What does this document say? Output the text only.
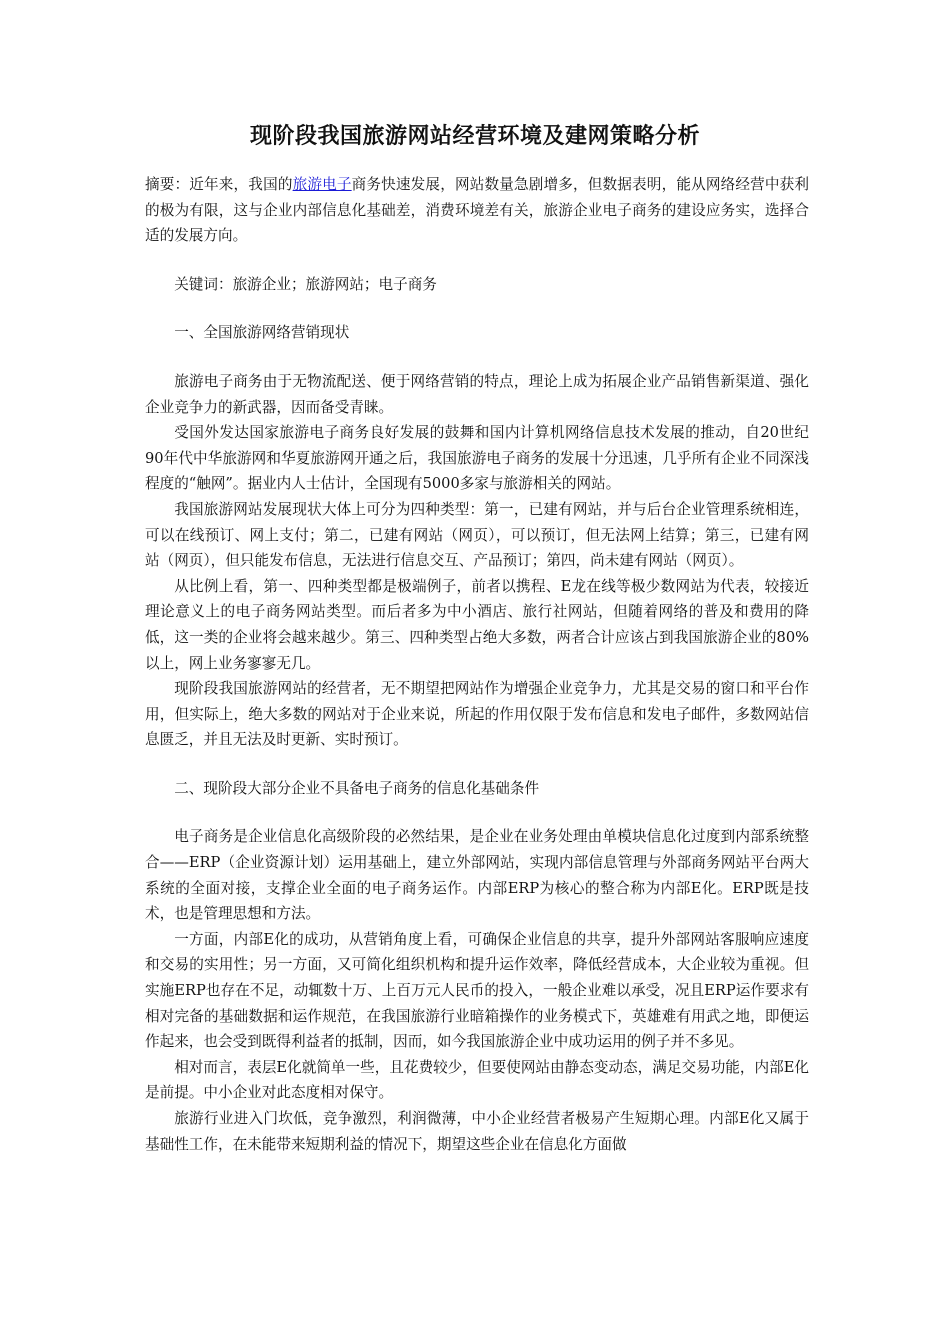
现阶段我国旅游网站经营环境及建网策略分析

摘要：近年来，我国的旅游电子商务快速发展，网站数量急剧增多，但数据表明，能从网络经营中获利的极为有限，这与企业内部信息化基础差，消费环境差有关，旅游企业电子商务的建设应务实，选择合适的发展方向。

关键词：旅游企业；旅游网站；电子商务

一、全国旅游网络营销现状

旅游电子商务由于无物流配送、便于网络营销的特点，理论上成为拓展企业产品销售新渠道、强化企业竞争力的新武器，因而备受青睐。

受国外发达国家旅游电子商务良好发展的鼓舞和国内计算机网络信息技术发展的推动，自20世纪90年代中华旅游网和华夏旅游网开通之后，我国旅游电子商务的发展十分迅速，几乎所有企业不同深浅程度的“触网”。据业内人士估计，全国现有5000多家与旅游相关的网站。

我国旅游网站发展现状大体上可分为四种类型：第一，已建有网站，并与后台企业管理系统相连，可以在线预订、网上支付；第二，已建有网站（网页），可以预订，但无法网上结算；第三，已建有网站（网页），但只能发布信息，无法进行信息交互、产品预订；第四，尚未建有网站（网页）。

从比例上看，第一、四种类型都是极端例子，前者以携程、E龙在线等极少数网站为代表，较接近理论意义上的电子商务网站类型。而后者多为中小酒店、旅行社网站，但随着网络的普及和费用的降低，这一类的企业将会越来越少。第三、四种类型占绝大多数，两者合计应该占到我国旅游企业的80%以上，网上业务寥寥无几。

现阶段我国旅游网站的经营者，无不期望把网站作为增强企业竞争力，尤其是交易的窗口和平台作用，但实际上，绝大多数的网站对于企业来说，所起的作用仅限于发布信息和发电子邮件，多数网站信息匮乏，并且无法及时更新、实时预订。

二、现阶段大部分企业不具备电子商务的信息化基础条件

电子商务是企业信息化高级阶段的必然结果，是企业在业务处理由单模块信息化过度到内部系统整合——ERP（企业资源计划）运用基础上，建立外部网站，实现内部信息管理与外部商务网站平台两大系统的全面对接，支撑企业全面的电子商务运作。内部ERP为核心的整合称为内部E化。ERP既是技术，也是管理思想和方法。

一方面，内部E化的成功，从营销角度上看，可确保企业信息的共享，提升外部网站客服响应速度和交易的实用性；另一方面，又可简化组织机构和提升运作效率，降低经营成本，大企业较为重视。但实施ERP也存在不足，动辄数十万、上百万元人民币的投入，一般企业难以承受，况且ERP运作要求有相对完备的基础数据和运作规范，在我国旅游行业暗箱操作的业务模式下，英雄难有用武之地，即便运作起来，也会受到既得利益者的抵制，因而，如今我国旅游企业中成功运用的例子并不多见。

相对而言，表层E化就简单一些，且花费较少，但要使网站由静态变动态，满足交易功能，内部E化是前提。中小企业对此态度相对保守。

旅游行业进入门坎低，竞争激烈，利润微薄，中小企业经营者极易产生短期心理。内部E化又属于基础性工作，在未能带来短期利益的情况下，期望这些企业在信息化方面做
